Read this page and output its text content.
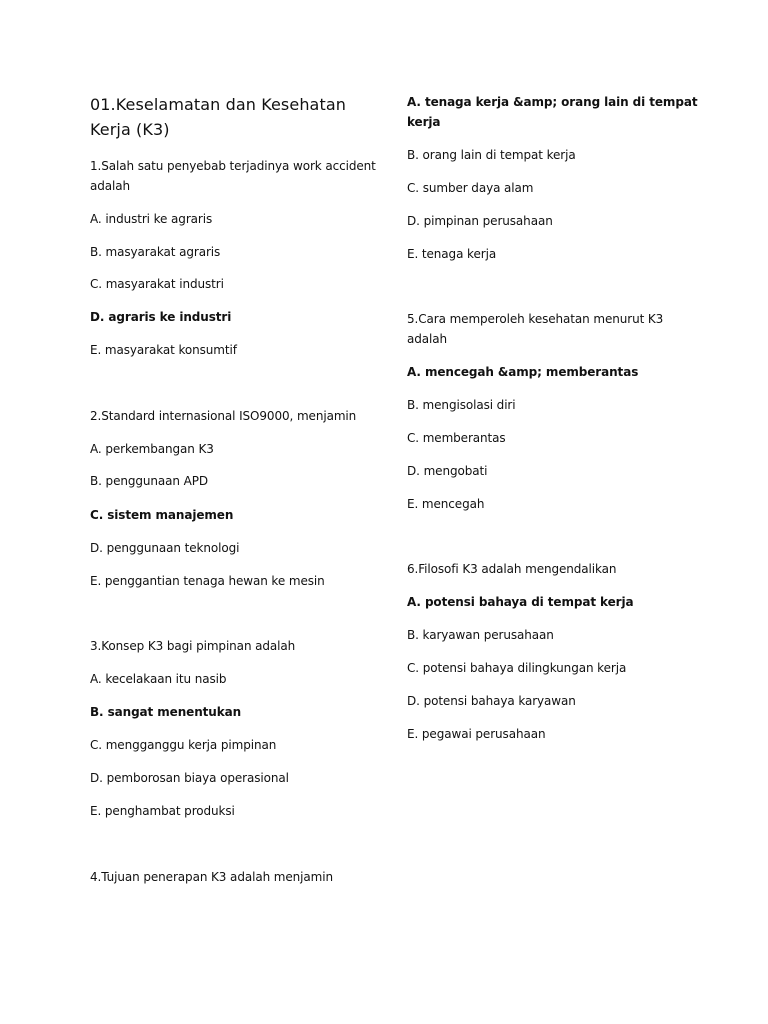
01.Keselamatan dan Kesehatan Kerja (K3)
1.Salah satu penyebab terjadinya work accident
adalah
A. industri ke agraris
B. masyarakat agraris
C. masyarakat industri
D. agraris ke industri
E. masyarakat konsumtif
2.Standard internasional ISO9000, menjamin
A. perkembangan K3
B. penggunaan APD
C. sistem manajemen
D. penggunaan teknologi
E. penggantian tenaga hewan ke mesin
3.Konsep K3 bagi pimpinan adalah
A. kecelakaan itu nasib
B. sangat menentukan
C. mengganggu kerja pimpinan
D. pemborosan biaya operasional
E. penghambat produksi
4.Tujuan penerapan K3 adalah menjamin
A. tenaga kerja &amp; orang lain di tempat
kerja
B. orang lain di tempat kerja
C. sumber daya alam
D. pimpinan perusahaan
E. tenaga kerja
5.Cara memperoleh kesehatan menurut K3
adalah
A. mencegah &amp; memberantas
B. mengisolasi diri
C. memberantas
D. mengobati
E. mencegah
6.Filosofi K3 adalah mengendalikan
A. potensi bahaya di tempat kerja
B. karyawan perusahaan
C. potensi bahaya dilingkungan kerja
D. potensi bahaya karyawan
E. pegawai perusahaan
